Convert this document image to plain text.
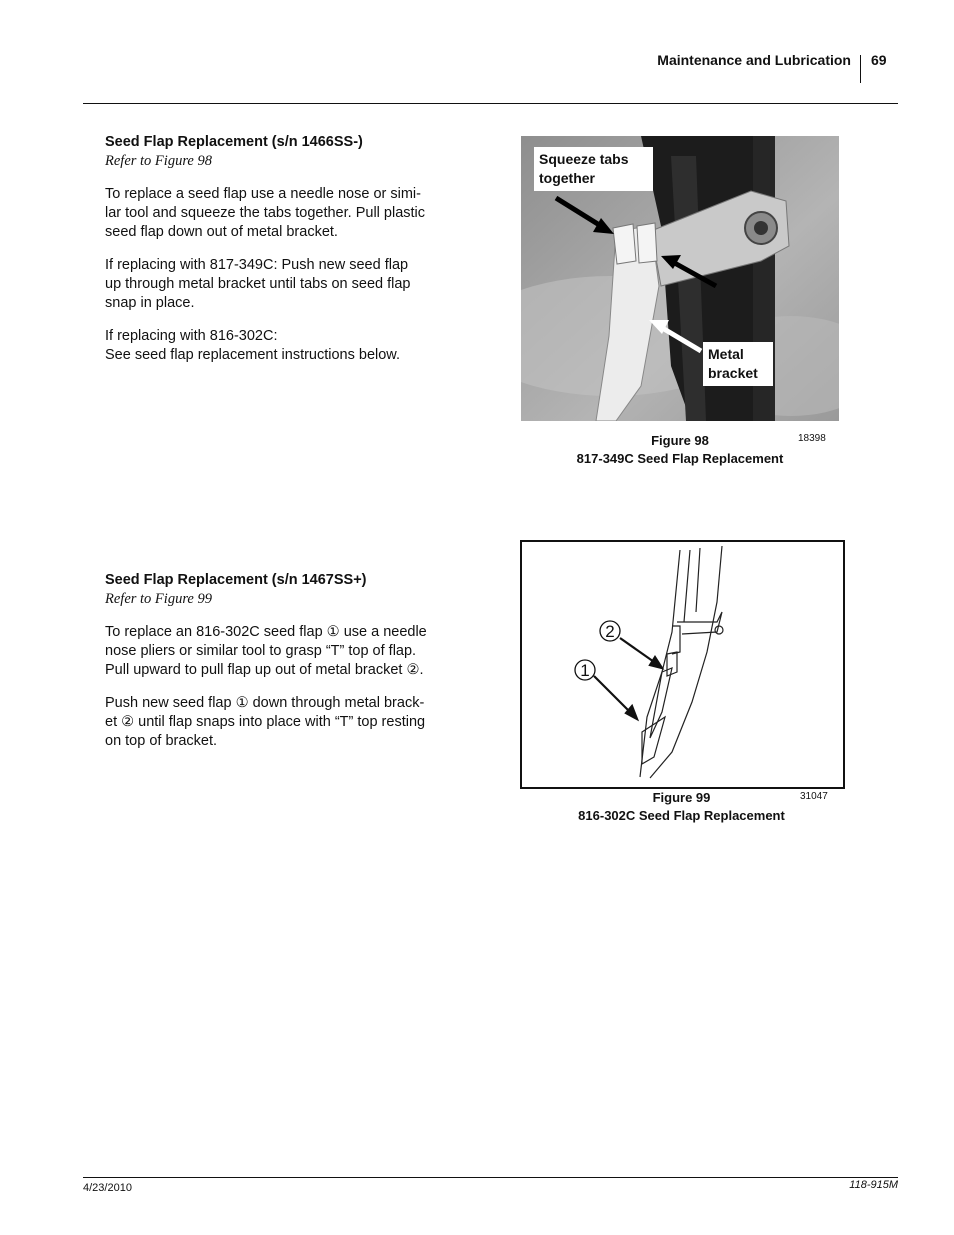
Maintenance and Lubrication 69
Seed Flap Replacement (s/n 1466SS-)
Refer to Figure 98

To replace a seed flap use a needle nose or simi-

lar tool and squeeze the tabs together. Pull plastic

seed flap down out of metal bracket.

If replacing with 817-349C: Push new seed flap

up through metal bracket until tabs on seed flap

snap in place.

If replacing with 816-302C:

See seed flap replacement instructions below.

Squeeze tabs
together
Metal
bracket
Figure 98
817-349C Seed Flap Replacement
18398
Seed Flap Replacement (s/n 1467SS+)
Refer to Figure 99

To replace an 816-302C seed flap ① use a needle

nose pliers or similar tool to grasp “T” top of flap.

Pull upward to pull flap up out of metal bracket ②.

Push new seed flap ① down through metal brack-

et ② until flap snaps into place with “T” top resting

on top of bracket.

2
1
Figure 99
816-302C Seed Flap Replacement
31047
4/23/2010	118-915M
